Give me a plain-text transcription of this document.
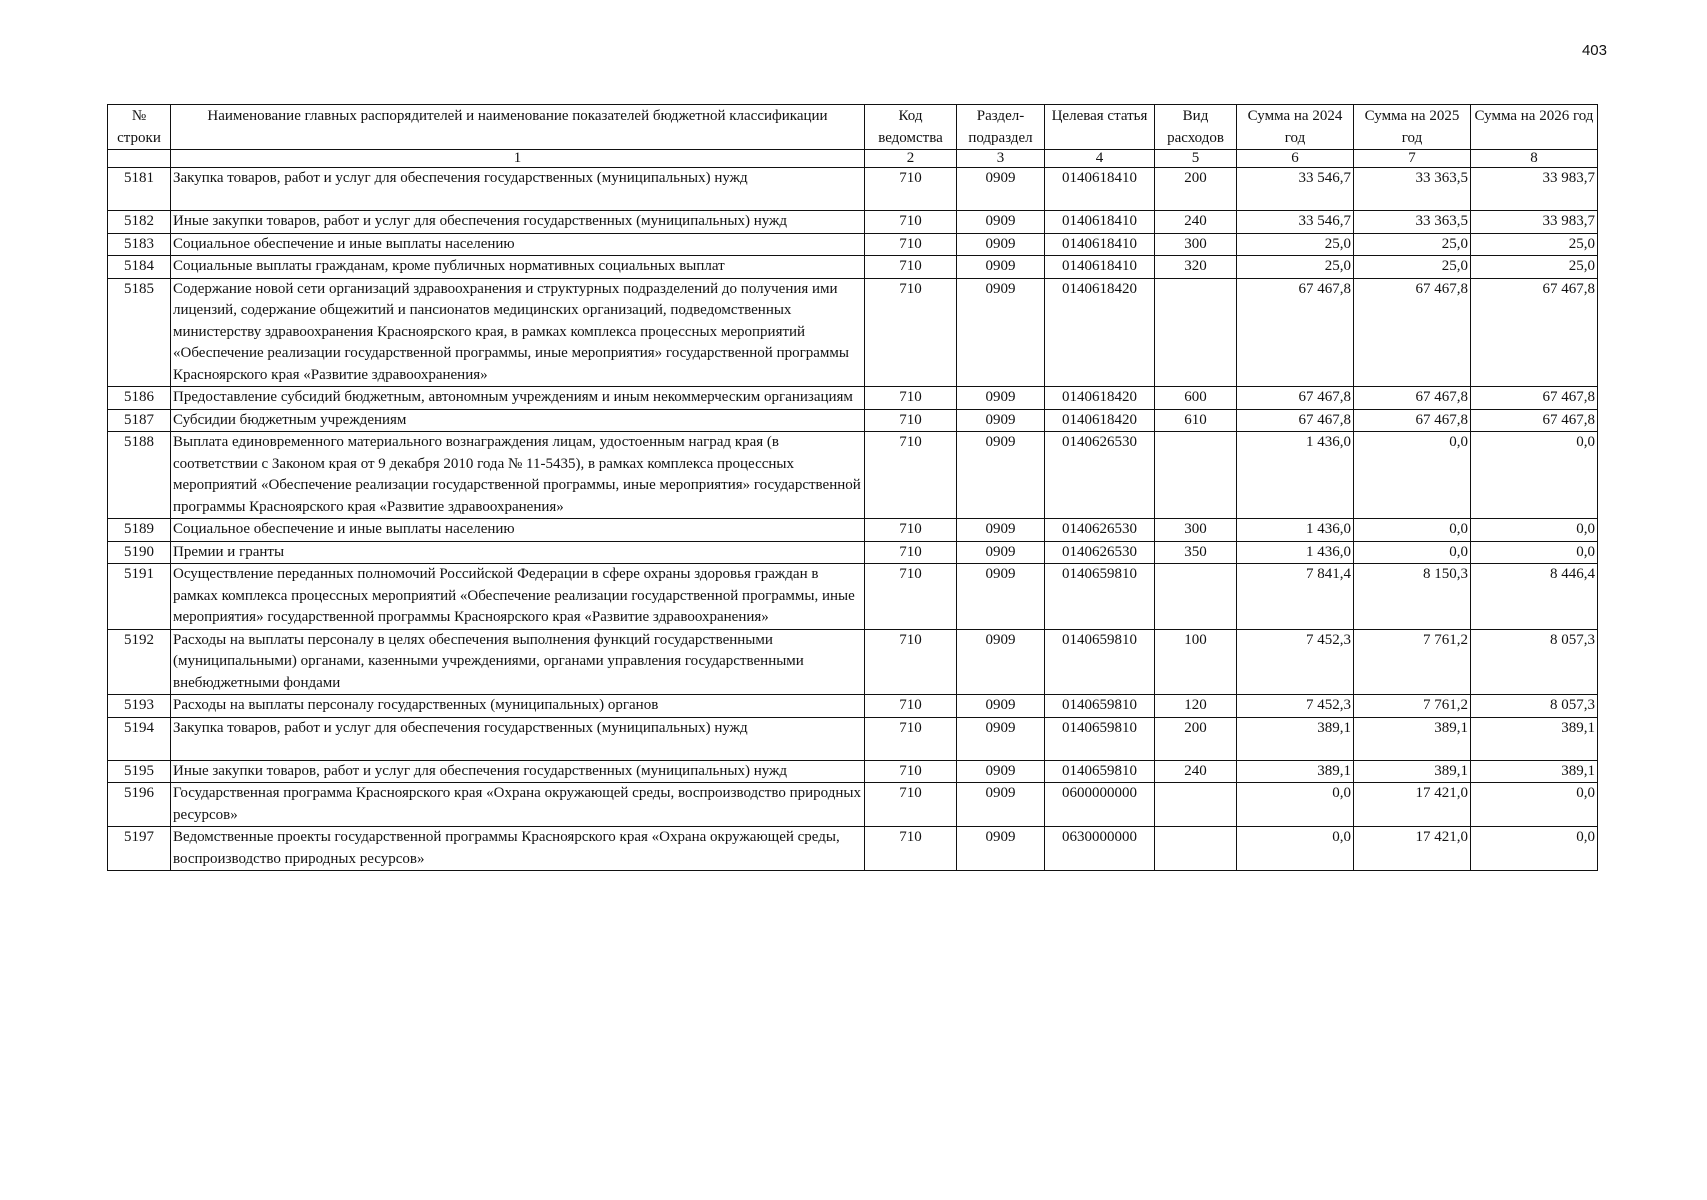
403
№ строки	Наименование главных распорядителей и наименование показателей бюджетной классификации	Код ведомства	Раздел- подраздел	Целевая статья	Вид расходов	Сумма на 2024 год	Сумма на 2025 год	Сумма на 2026 год
	1	2	3	4	5	6	7	8
5181	Закупка товаров, работ и услуг для обеспечения государственных (муниципальных) нужд	710	0909	0140618410	200	33 546,7	33 363,5	33 983,7
5182	Иные закупки товаров, работ и услуг для обеспечения государственных (муниципальных) нужд	710	0909	0140618410	240	33 546,7	33 363,5	33 983,7
5183	Социальное обеспечение и иные выплаты населению	710	0909	0140618410	300	25,0	25,0	25,0
5184	Социальные выплаты гражданам, кроме публичных нормативных социальных выплат	710	0909	0140618410	320	25,0	25,0	25,0
5185	Содержание новой сети организаций здравоохранения и структурных подразделений до получения ими лицензий, содержание общежитий и пансионатов медицинских организаций, подведомственных министерству здравоохранения Красноярского края, в рамках комплекса процессных мероприятий «Обеспечение реализации государственной программы, иные мероприятия» государственной программы Красноярского края «Развитие здравоохранения»	710	0909	0140618420		67 467,8	67 467,8	67 467,8
5186	Предоставление субсидий бюджетным, автономным учреждениям и иным некоммерческим организациям	710	0909	0140618420	600	67 467,8	67 467,8	67 467,8
5187	Субсидии бюджетным учреждениям	710	0909	0140618420	610	67 467,8	67 467,8	67 467,8
5188	Выплата единовременного материального вознаграждения лицам, удостоенным наград края (в соответствии с Законом края от 9 декабря 2010 года № 11-5435), в рамках комплекса процессных мероприятий «Обеспечение реализации государственной программы, иные мероприятия» государственной программы Красноярского края «Развитие здравоохранения»	710	0909	0140626530		1 436,0	0,0	0,0
5189	Социальное обеспечение и иные выплаты населению	710	0909	0140626530	300	1 436,0	0,0	0,0
5190	Премии и гранты	710	0909	0140626530	350	1 436,0	0,0	0,0
5191	Осуществление переданных полномочий Российской Федерации в сфере охраны здоровья граждан в рамках комплекса процессных мероприятий «Обеспечение реализации государственной программы, иные мероприятия» государственной программы Красноярского края «Развитие здравоохранения»	710	0909	0140659810		7 841,4	8 150,3	8 446,4
5192	Расходы на выплаты персоналу в целях обеспечения выполнения функций государственными (муниципальными) органами, казенными учреждениями, органами управления государственными внебюджетными фондами	710	0909	0140659810	100	7 452,3	7 761,2	8 057,3
5193	Расходы на выплаты персоналу государственных (муниципальных) органов	710	0909	0140659810	120	7 452,3	7 761,2	8 057,3
5194	Закупка товаров, работ и услуг для обеспечения государственных (муниципальных) нужд	710	0909	0140659810	200	389,1	389,1	389,1
5195	Иные закупки товаров, работ и услуг для обеспечения государственных (муниципальных) нужд	710	0909	0140659810	240	389,1	389,1	389,1
5196	Государственная программа Красноярского края «Охрана окружающей среды, воспроизводство природных ресурсов»	710	0909	0600000000		0,0	17 421,0	0,0
5197	Ведомственные проекты государственной программы Красноярского края «Охрана окружающей среды, воспроизводство природных ресурсов»	710	0909	0630000000		0,0	17 421,0	0,0
